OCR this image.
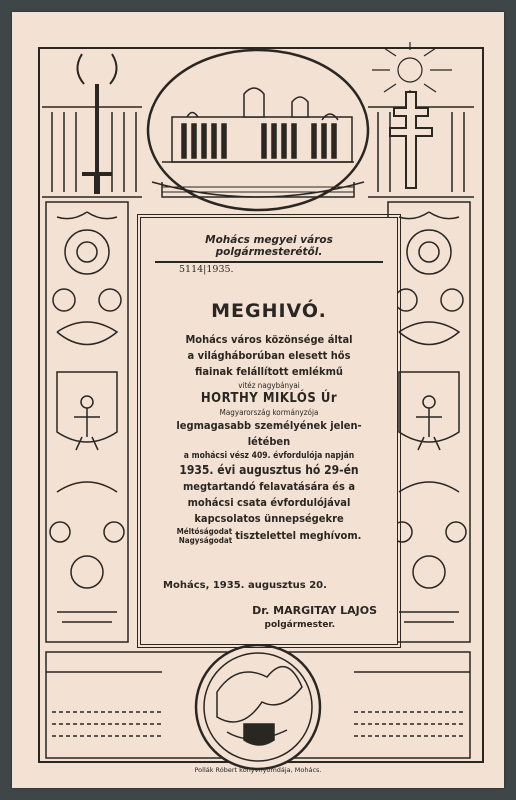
Mohács megyei város polgármesterétől.
5114|1935.
MEGHIVÓ.
Mohács város közönsége által
a világháborúban elesett hős
fiainak felállított emlékmű
vitéz nagybányai
HORTHY MIKLÓS Úr
Magyarország kormányzója
legmagasabb személyének jelen-
létében
a mohácsi vész 409. évfordulója napján
1935. évi augusztus hó 29-én
megtartandó felavatására és a
mohácsi csata évfordulójával
kapcsolatos ünnepségekre
Méltóságodat
Nagyságodat tisztelettel meghívom.
Mohács, 1935. augusztus 20.
Dr. MARGITAY LAJOS
polgármester.
Pollák Róbert könyvnyomdája, Mohács.
